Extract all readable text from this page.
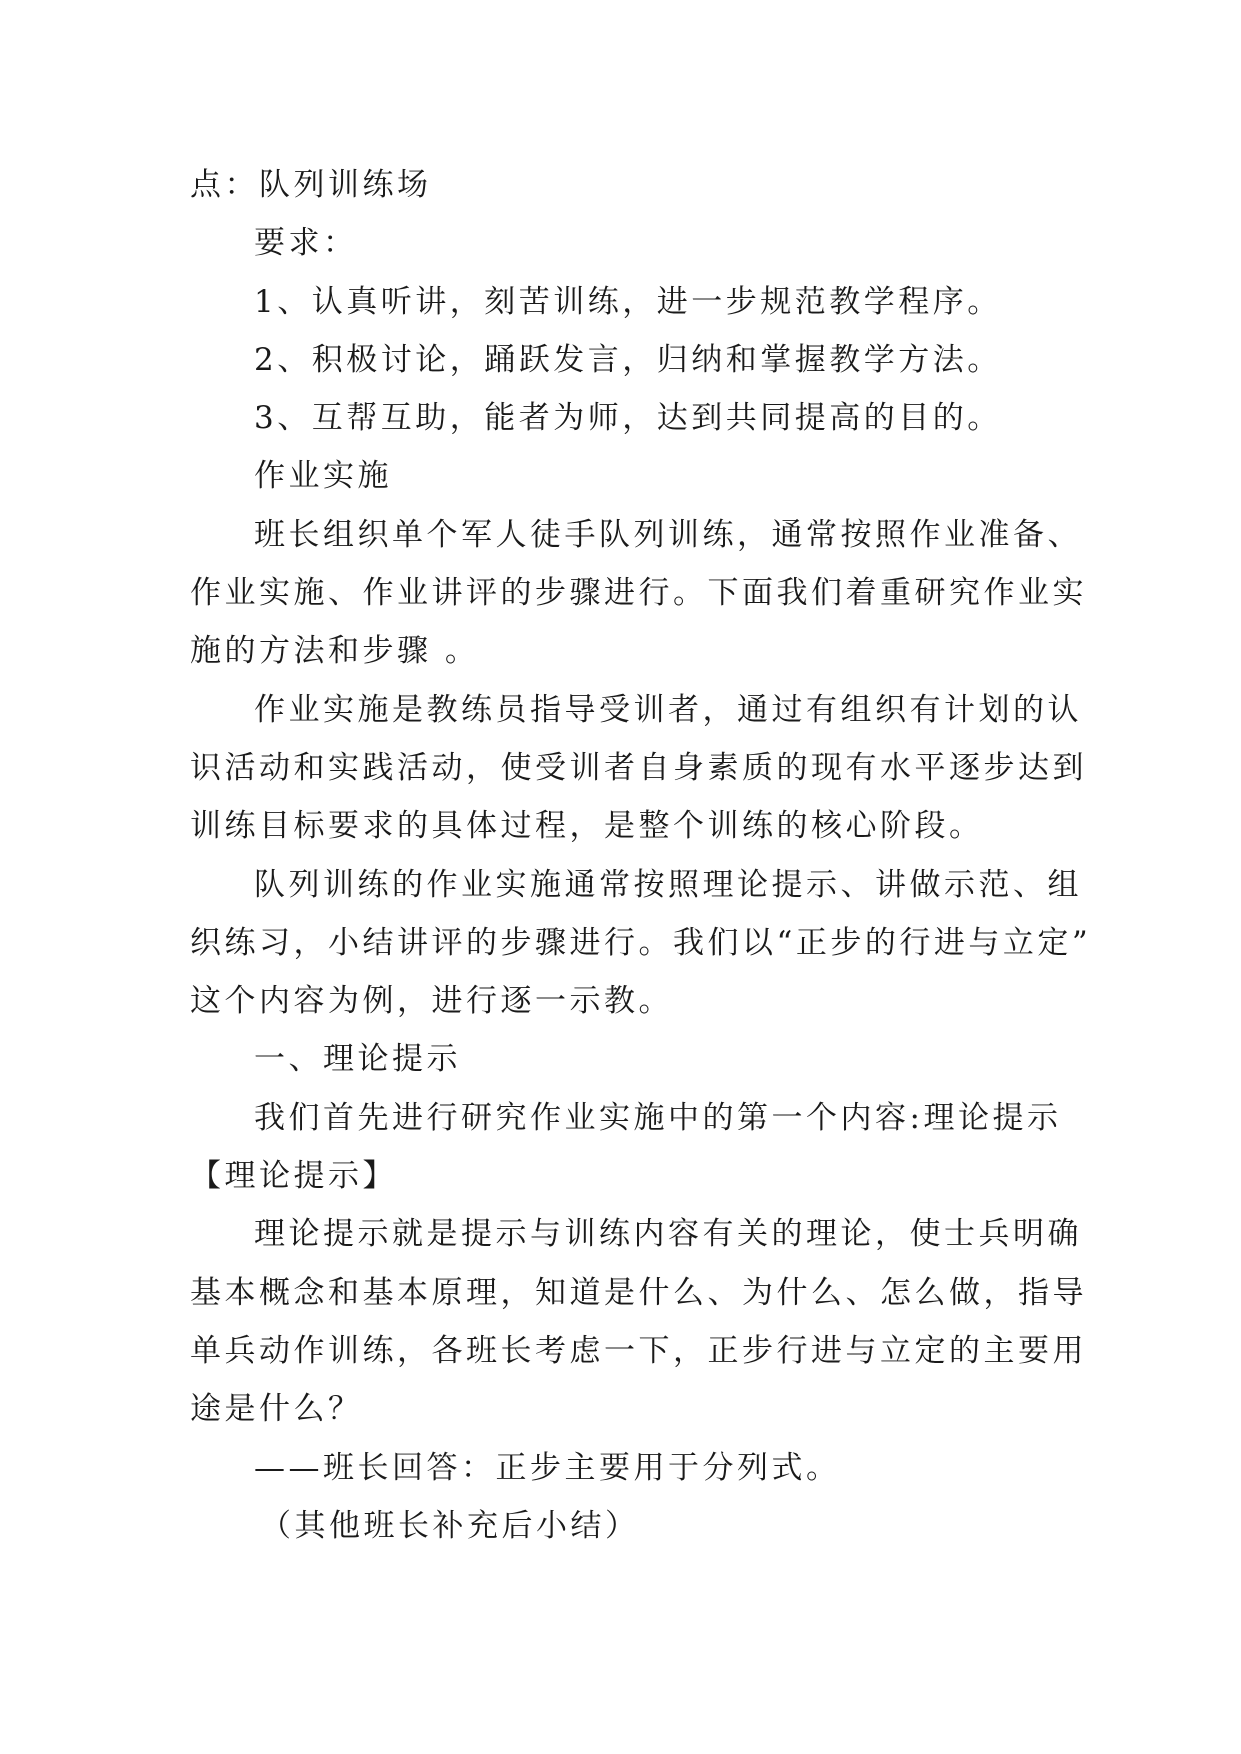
点：队列训练场
要求：
1、认真听讲，刻苦训练，进一步规范教学程序。
2、积极讨论，踊跃发言，归纳和掌握教学方法。
3、互帮互助，能者为师，达到共同提高的目的。
作业实施
班长组织单个军人徒手队列训练，通常按照作业准备、
作业实施、作业讲评的步骤进行。下面我们着重研究作业实
施的方法和步骤 。
作业实施是教练员指导受训者，通过有组织有计划的认
识活动和实践活动，使受训者自身素质的现有水平逐步达到
训练目标要求的具体过程，是整个训练的核心阶段。
队列训练的作业实施通常按照理论提示、讲做示范、组
织练习，小结讲评的步骤进行。我们以“正步的行进与立定”
这个内容为例，进行逐一示教。
一、理论提示
我们首先进行研究作业实施中的第一个内容:理论提示
【理论提示】
理论提示就是提示与训练内容有关的理论，使士兵明确
基本概念和基本原理，知道是什么、为什么、怎么做，指导
单兵动作训练，各班长考虑一下，正步行进与立定的主要用
途是什么？
——班长回答：正步主要用于分列式。
（其他班长补充后小结）
